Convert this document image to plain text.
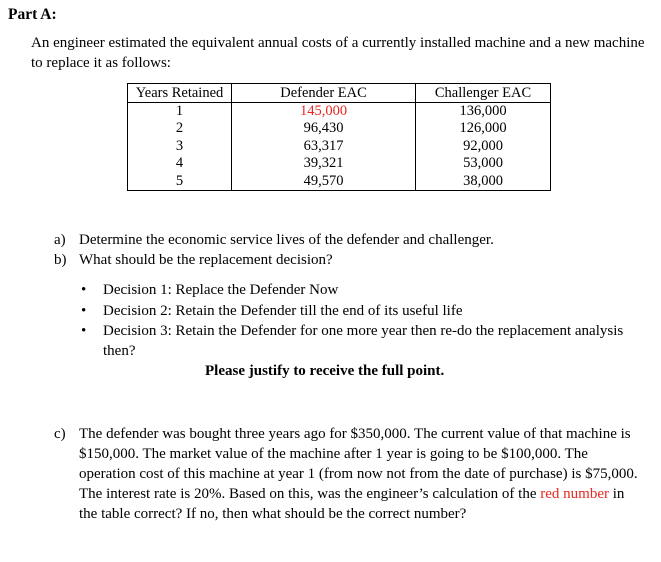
Part A:
An engineer estimated the equivalent annual costs of a currently installed machine and a new machine to replace it as follows:
Years Retained	Defender EAC	Challenger EAC

1	145,000	136,000

2	96,430	126,000

3	63,317	92,000

4	39,321	53,000

5	49,570	38,000
a) Determine the economic service lives of the defender and challenger.
b) What should be the replacement decision?
•	Decision 1: Replace the Defender Now
•	Decision 2: Retain the Defender till the end of its useful life
•	Decision 3: Retain the Defender for one more year then re-do the replacement analysis then?
Please justify to receive the full point.
c) The defender was bought three years ago for $350,000. The current value of that machine is $150,000. The market value of the machine after 1 year is going to be $100,000. The operation cost of this machine at year 1 (from now not from the date of purchase) is $75,000. The interest rate is 20%. Based on this, was the engineer’s calculation of the red number in the table correct? If no, then what should be the correct number?
